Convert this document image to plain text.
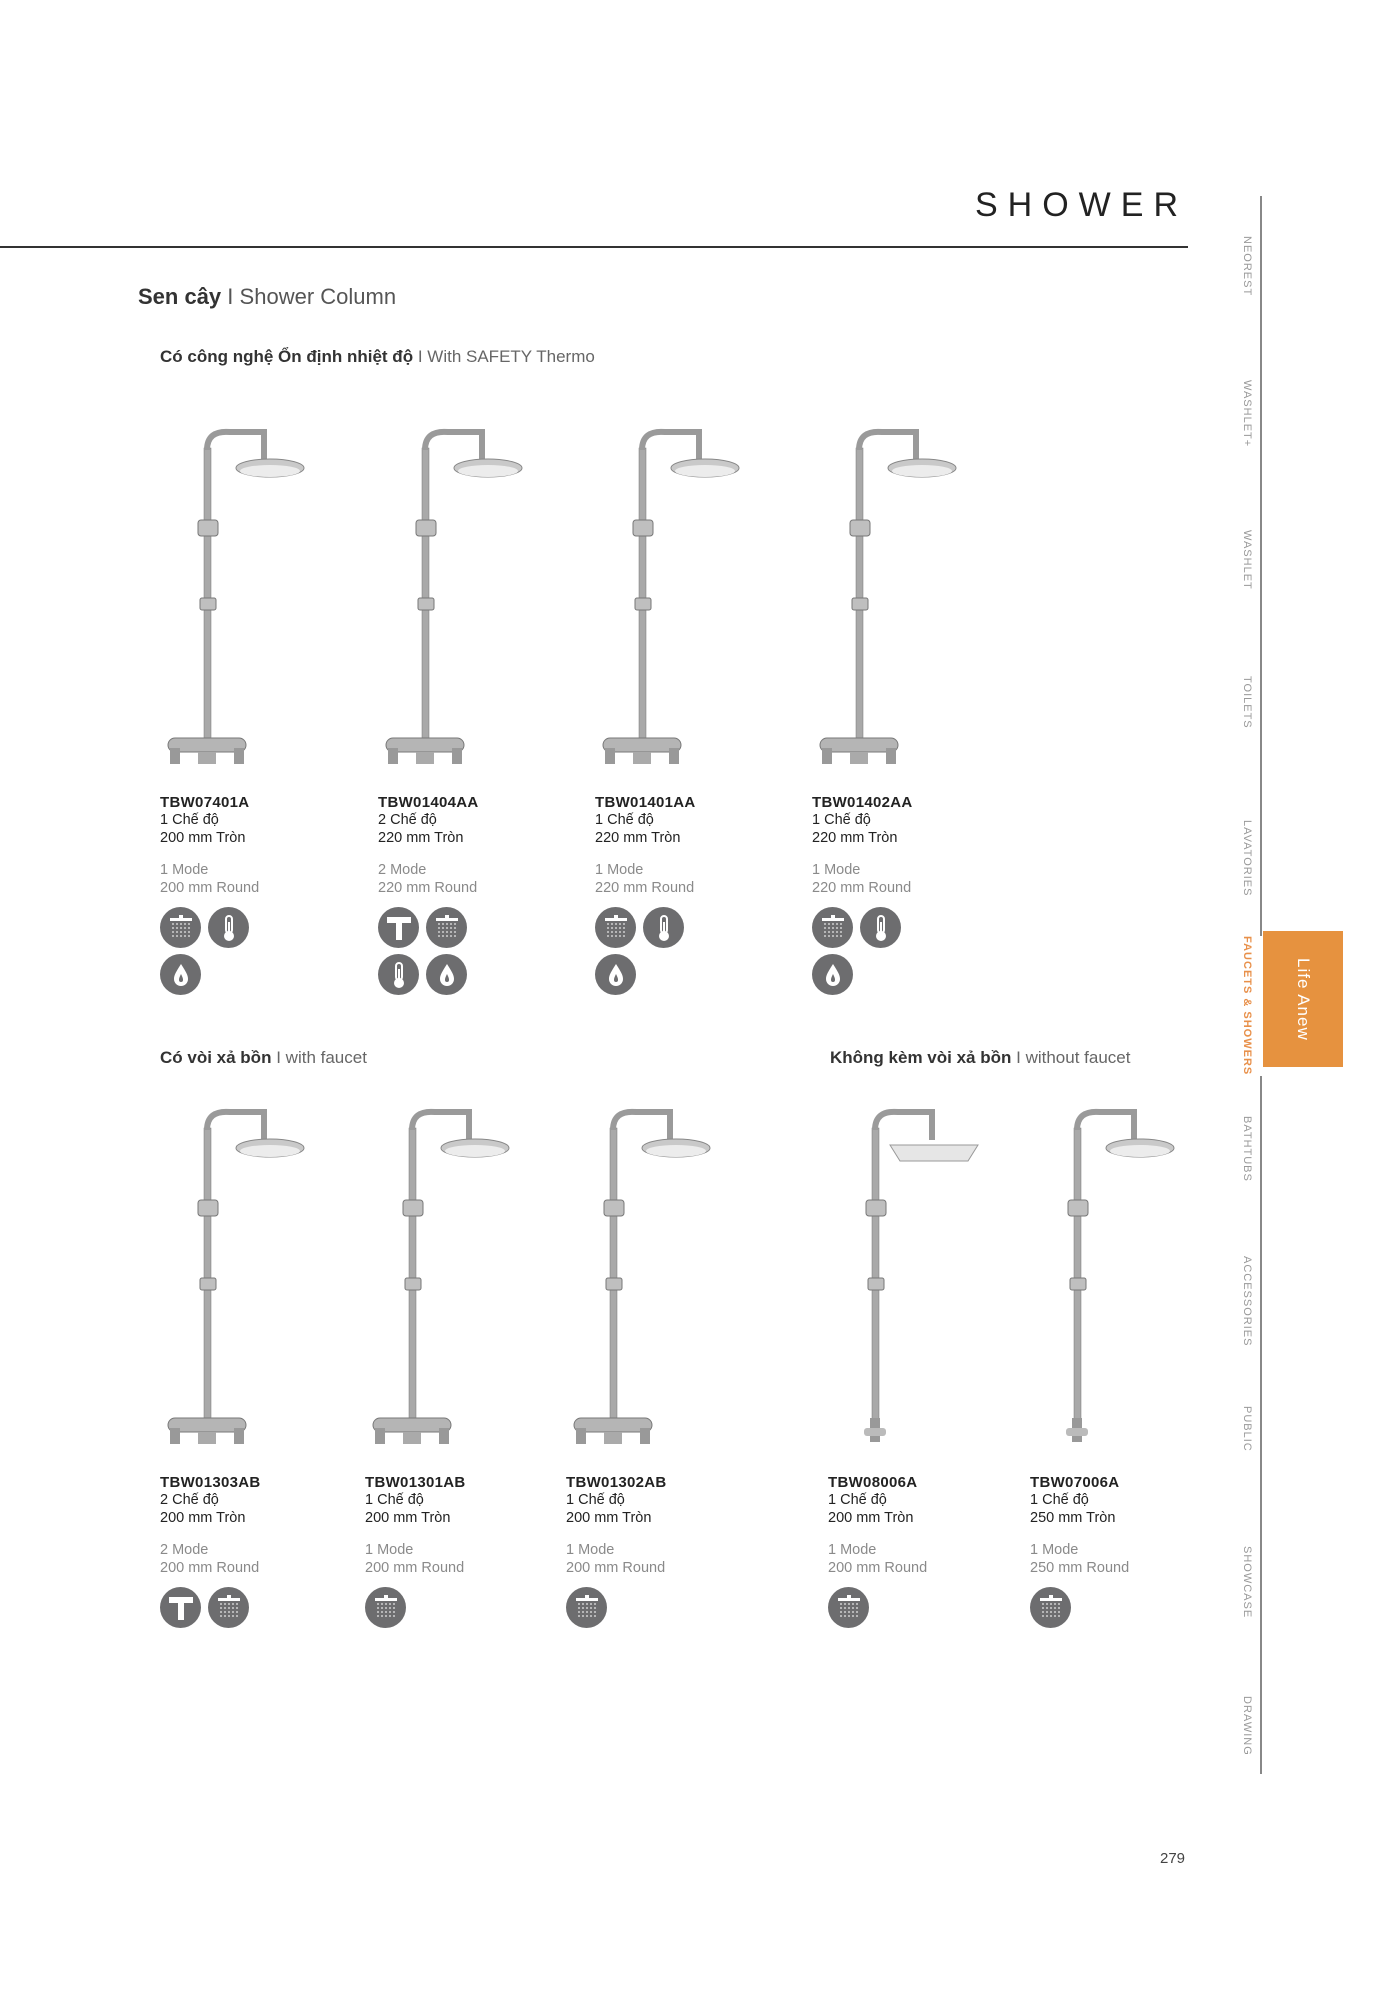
SHOWER
Sen cây I Shower Column
Có công nghệ Ổn định nhiệt độ I With SAFETY Thermo
Có vòi xả bồn I with faucet	Không kèm vòi xả bồn I without faucet
TBW07401A
1 Chế độ
200 mm Tròn
1 Mode
200 mm Round
TBW01404AA
2 Chế độ
220 mm Tròn
2 Mode
220 mm Round
TBW01401AA
1 Chế độ
220 mm Tròn
1 Mode
220 mm Round
TBW01402AA
1 Chế độ
220 mm Tròn
1 Mode
220 mm Round
TBW01303AB
2 Chế độ
200 mm Tròn
2 Mode
200 mm Round
TBW01301AB
1 Chế độ
200 mm Tròn
1 Mode
200 mm Round
TBW01302AB
1 Chế độ
200 mm Tròn
1 Mode
200 mm Round
TBW08006A
1 Chế độ
200 mm Tròn
1 Mode
200 mm Round
TBW07006A
1 Chế độ
250 mm Tròn
1 Mode
250 mm Round
Life Anew
NEOREST
WASHLET+
WASHLET
TOILETS
LAVATORIES
FAUCETS & SHOWERS
BATHTUBS
ACCESSORIES
PUBLIC
SHOWCASE
DRAWING
279
